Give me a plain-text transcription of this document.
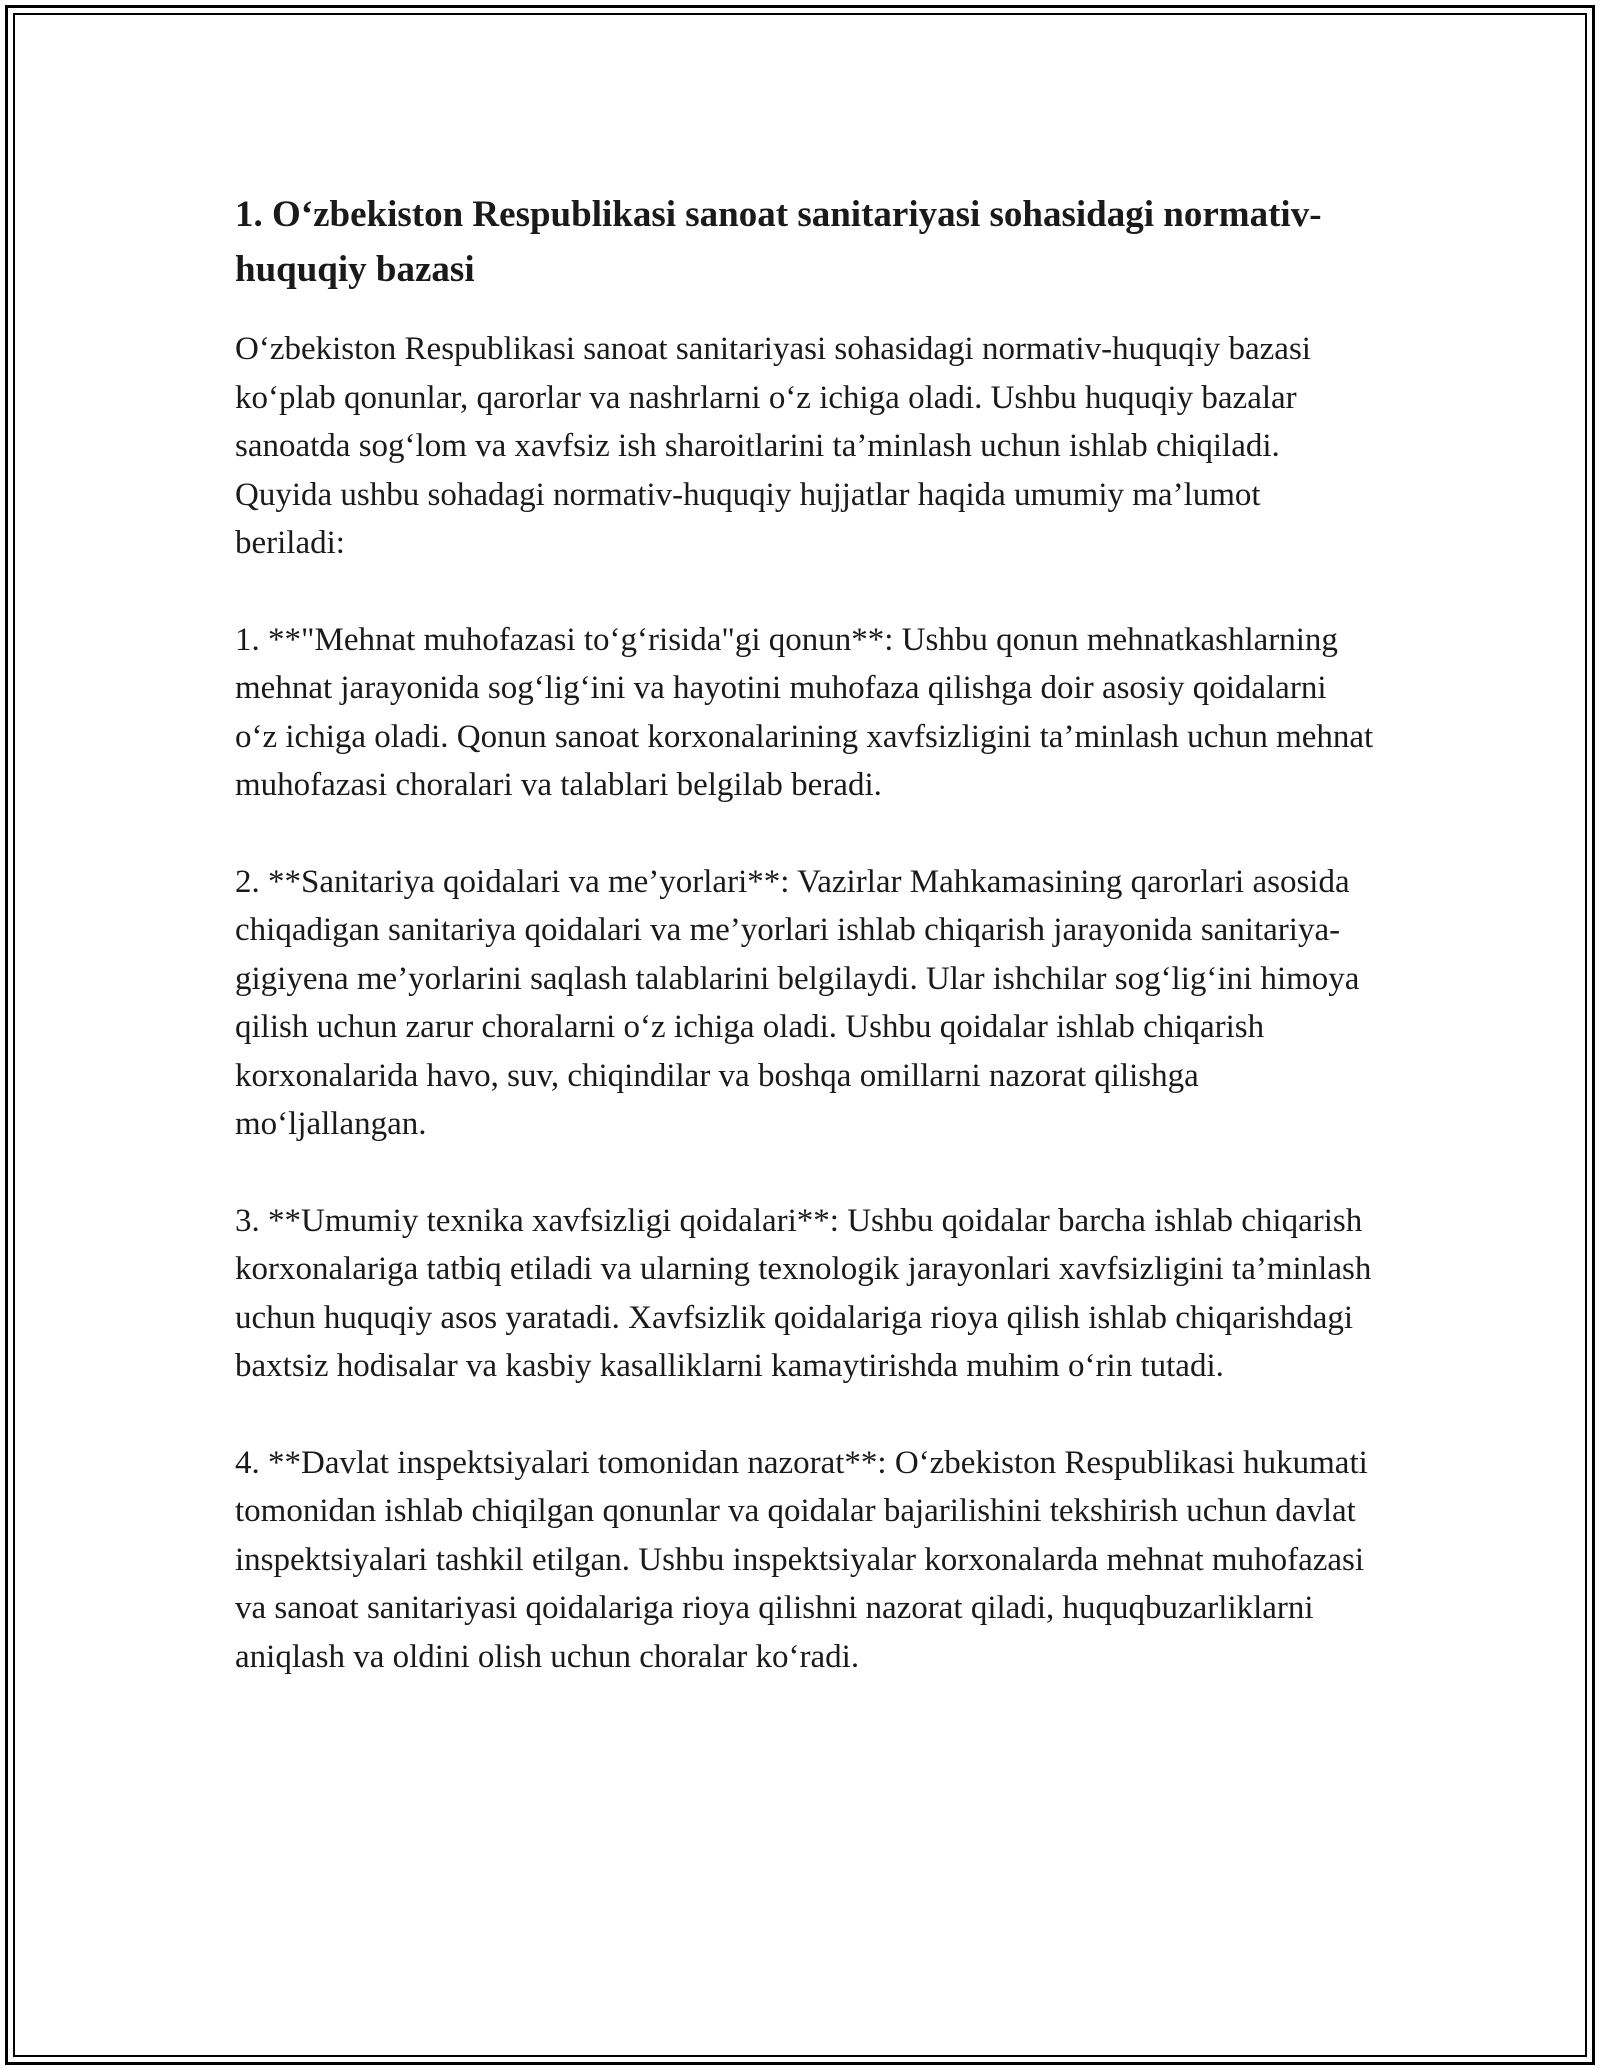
1. O‘zbekiston Respublikasi sanoat sanitariyasi sohasidagi normativ-huquqiy bazasi

O‘zbekiston Respublikasi sanoat sanitariyasi sohasidagi normativ-huquqiy bazasi ko‘plab qonunlar, qarorlar va nashrlarni o‘z ichiga oladi. Ushbu huquqiy bazalar sanoatda sog‘lom va xavfsiz ish sharoitlarini ta’minlash uchun ishlab chiqiladi. Quyida ushbu sohadagi normativ-huquqiy hujjatlar haqida umumiy ma’lumot beriladi:

1. **"Mehnat muhofazasi to‘g‘risida"gi qonun**: Ushbu qonun mehnatkashlarning mehnat jarayonida sog‘lig‘ini va hayotini muhofaza qilishga doir asosiy qoidalarni o‘z ichiga oladi. Qonun sanoat korxonalarining xavfsizligini ta’minlash uchun mehnat muhofazasi choralari va talablari belgilab beradi.

2. **Sanitariya qoidalari va me’yorlari**: Vazirlar Mahkamasining qarorlari asosida chiqadigan sanitariya qoidalari va me’yorlari ishlab chiqarish jarayonida sanitariya-gigiyena me’yorlarini saqlash talablarini belgilaydi. Ular ishchilar sog‘lig‘ini himoya qilish uchun zarur choralarni o‘z ichiga oladi. Ushbu qoidalar ishlab chiqarish korxonalarida havo, suv, chiqindilar va boshqa omillarni nazorat qilishga mo‘ljallangan.

3. **Umumiy texnika xavfsizligi qoidalari**: Ushbu qoidalar barcha ishlab chiqarish korxonalariga tatbiq etiladi va ularning texnologik jarayonlari xavfsizligini ta’minlash uchun huquqiy asos yaratadi. Xavfsizlik qoidalariga rioya qilish ishlab chiqarishdagi baxtsiz hodisalar va kasbiy kasalliklarni kamaytirishda muhim o‘rin tutadi.

4. **Davlat inspektsiyalari tomonidan nazorat**: O‘zbekiston Respublikasi hukumati tomonidan ishlab chiqilgan qonunlar va qoidalar bajarilishini tekshirish uchun davlat inspektsiyalari tashkil etilgan. Ushbu inspektsiyalar korxonalarda mehnat muhofazasi va sanoat sanitariyasi qoidalariga rioya qilishni nazorat qiladi, huquqbuzarliklarni aniqlash va oldini olish uchun choralar ko‘radi.
